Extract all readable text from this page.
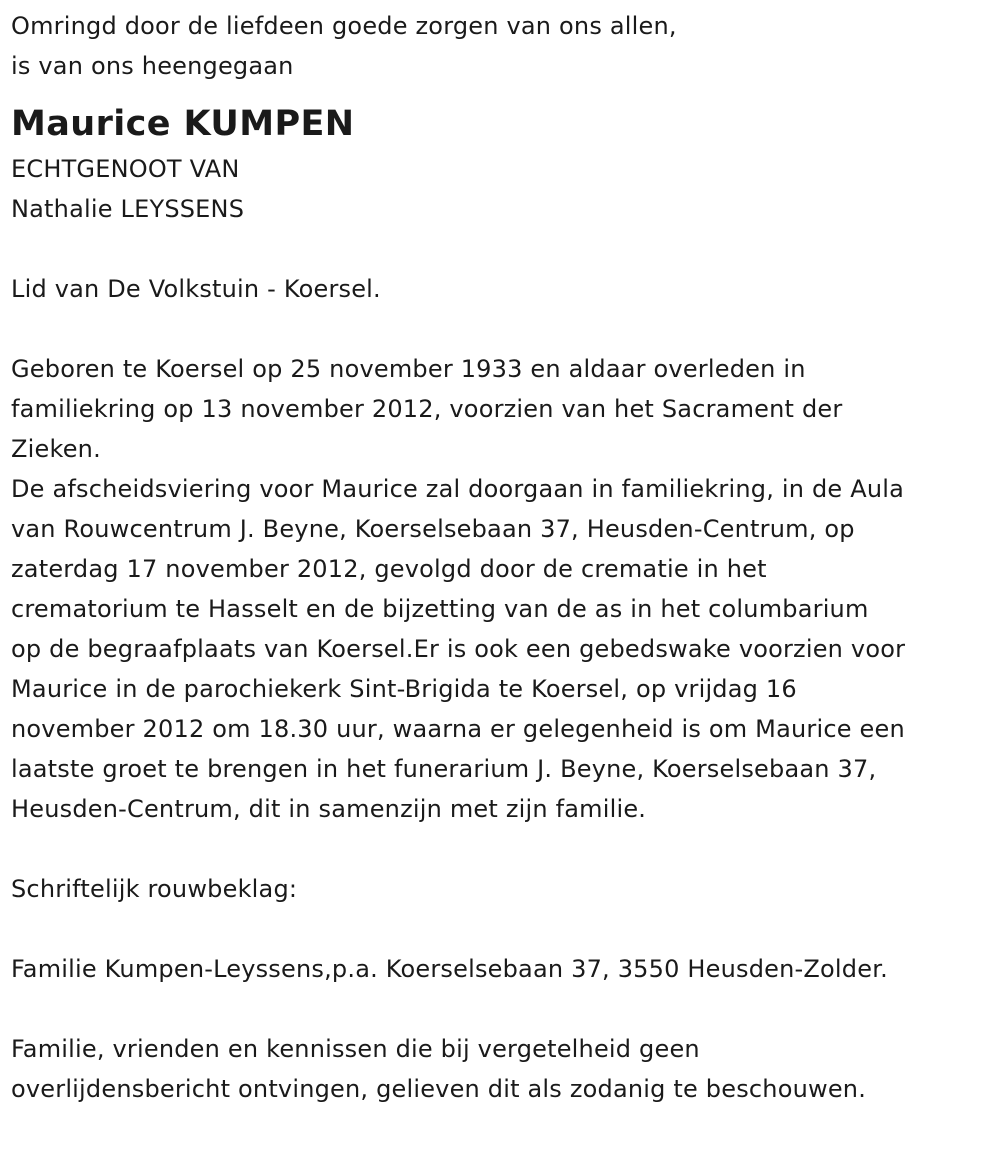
Omringd door de liefdeen goede zorgen van ons allen,
is van ons heengegaan
Maurice KUMPEN
ECHTGENOOT VAN
Nathalie LEYSSENS
Lid van De Volkstuin - Koersel.
Geboren te Koersel op 25 november 1933 en aldaar overleden in
familiekring op 13 november 2012, voorzien van het Sacrament der
Zieken.
De afscheidsviering voor Maurice zal doorgaan in familiekring, in de Aula
van Rouwcentrum J. Beyne, Koerselsebaan 37, Heusden-Centrum, op
zaterdag 17 november 2012, gevolgd door de crematie in het
crematorium te Hasselt en de bijzetting van de as in het columbarium
op de begraafplaats van Koersel.Er is ook een gebedswake voorzien voor
Maurice in de parochiekerk Sint-Brigida te Koersel, op vrijdag 16
november 2012 om 18.30 uur, waarna er gelegenheid is om Maurice een
laatste groet te brengen in het funerarium J. Beyne, Koerselsebaan 37,
Heusden-Centrum, dit in samenzijn met zijn familie.
Schriftelijk rouwbeklag:
Familie Kumpen-Leyssens,p.a. Koerselsebaan 37, 3550 Heusden-Zolder.
Familie, vrienden en kennissen die bij vergetelheid geen
overlijdensbericht ontvingen, gelieven dit als zodanig te beschouwen.
